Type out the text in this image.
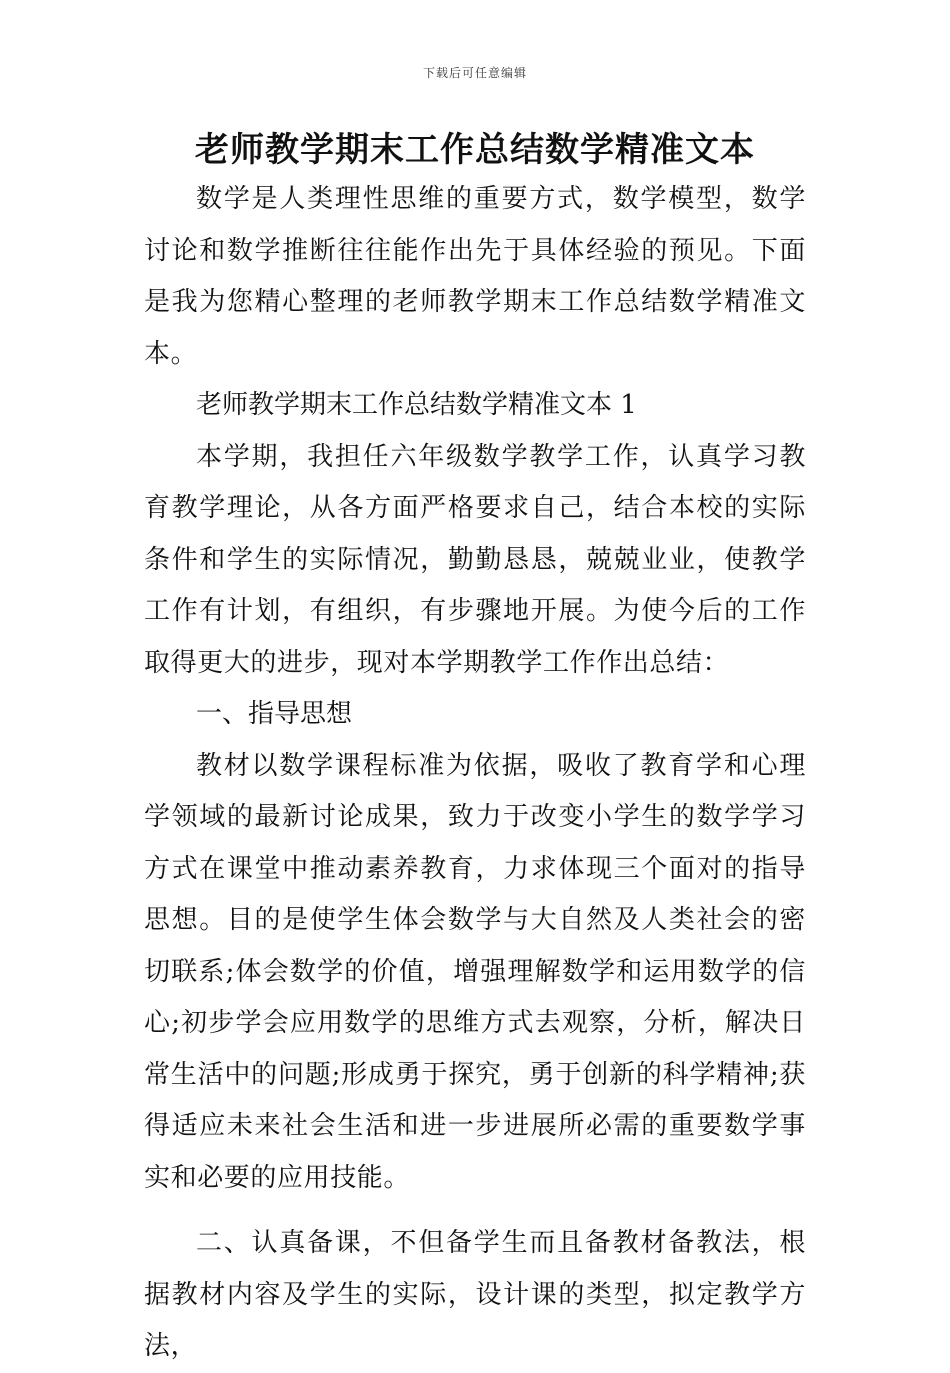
下载后可任意编辑
老师教学期末工作总结数学精准文本

数学是人类理性思维的重要方式，数学模型，数学讨论和数学推断往往能作出先于具体经验的预见。下面是我为您精心整理的老师教学期末工作总结数学精准文本。

老师教学期末工作总结数学精准文本 1

本学期，我担任六年级数学教学工作，认真学习教育教学理论，从各方面严格要求自己，结合本校的实际条件和学生的实际情况，勤勤恳恳，兢兢业业，使教学工作有计划，有组织，有步骤地开展。为使今后的工作取得更大的进步，现对本学期教学工作作出总结：

一、指导思想

教材以数学课程标准为依据，吸收了教育学和心理学领域的最新讨论成果，致力于改变小学生的数学学习方式在课堂中推动素养教育，力求体现三个面对的指导思想。目的是使学生体会数学与大自然及人类社会的密切联系;体会数学的价值，增强理解数学和运用数学的信心;初步学会应用数学的思维方式去观察，分析，解决日常生活中的问题;形成勇于探究，勇于创新的科学精神;获得适应未来社会生活和进一步进展所必需的重要数学事实和必要的应用技能。

二、认真备课，不但备学生而且备教材备教法，根据教材内容及学生的实际，设计课的类型，拟定教学方法，
